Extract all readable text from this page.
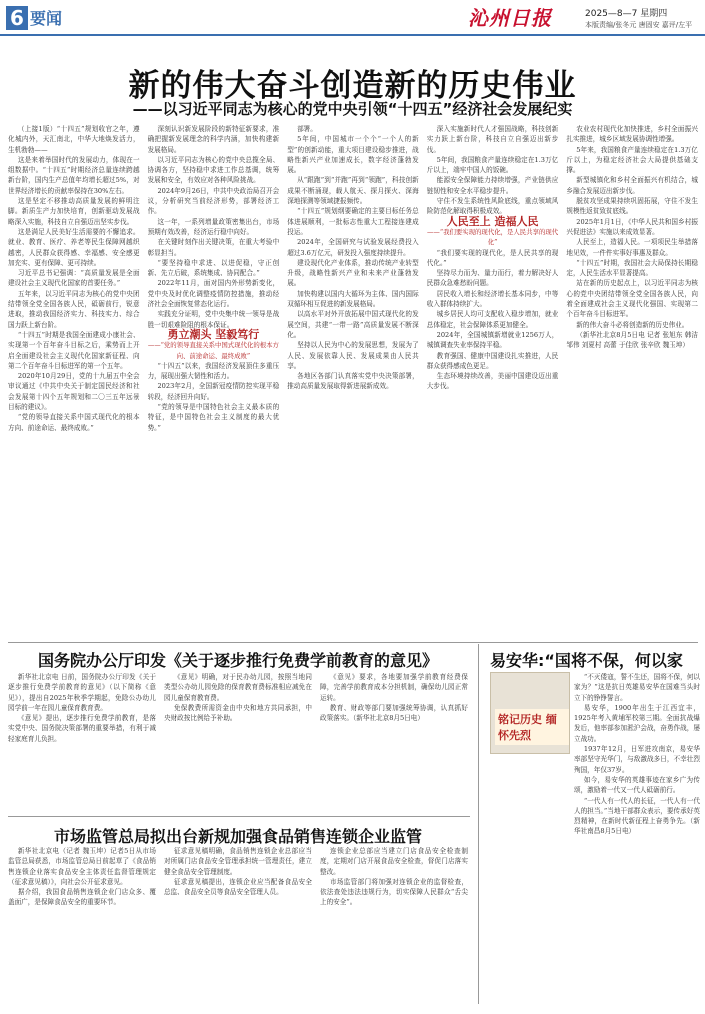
6 要闻	沁州日报	2025—8—7 星期四
本版责编/张冬元 唐固安 嘉评/左平
新的伟大奋斗创造新的历史伟业
——以习近平同志为核心的党中央引领“十四五”经济社会发展纪实

（上接1版）“十四五”规划收官之年，遵化城内外，天汇南北，中华大地焕发活力，生机勃勃——

这是来着举国时代的发展动力，体现在一组数据中。“十四五”时期经济总量连续跨越新台阶，国内生产总值年均增长超过5%，对世界经济增长的贡献率保持在30%左右。

这是坚定不移推动高质量发展的鲜明注脚。新质生产力加快培育，创新驱动发展战略深入实施，科技自立自强迈出坚实步伐。

这是满足人民美好生活需要的不懈追求。就业、教育、医疗、养老等民生保障网越织越密，人民群众获得感、幸福感、安全感更加充实、更有保障、更可持续。

习近平总书记强调：“高质量发展是全面建设社会主义现代化国家的首要任务。”

五年来，以习近平同志为核心的党中央团结带领全党全国各族人民，砥砺前行，锐意进取，推动我国经济实力、科技实力、综合国力跃上新台阶。

“十四五”时期是我国全面建成小康社会、实现第一个百年奋斗目标之后，乘势而上开启全面建设社会主义现代化国家新征程、向第二个百年奋斗目标进军的第一个五年。

2020年10月29日，党的十九届五中全会审议通过《中共中央关于制定国民经济和社会发展第十四个五年规划和二〇三五年远景目标的建议》。

“党的领导直接关系中国式现代化的根本方向、前途命运、最终成败。”

深刻认识新发展阶段的新特征新要求，准确把握新发展理念的科学内涵，加快构建新发展格局。

以习近平同志为核心的党中央总揽全局、协调各方，坚持稳中求进工作总基调，统筹发展和安全，有效应对各种风险挑战。

2024年9月26日，中共中央政治局召开会议，分析研究当前经济形势，部署经济工作。

这一年，一系列增量政策密集出台，市场预期有效改善，经济运行稳中向好。

在关键时刻作出关键决策，在重大考验中彰显担当。

“要坚持稳中求进、以进促稳，守正创新、先立后破，系统集成、协同配合。”

2022年11月，面对国内外形势新变化，党中央及时优化调整疫情防控措施，推动经济社会全面恢复常态化运行。

实践充分证明，党中央集中统一领导是战胜一切艰难险阻的根本保证。

勇立潮头 坚毅笃行

——“党的领导直接关系中国式现代化的根本方向、前途命运、最终成败”

“十四五”以来，我国经济发展顶住多重压力，展现出强大韧性和活力。

2023年2月，全国新冠疫情防控实现平稳转段，经济回升向好。

“党的领导是中国特色社会主义最本质的特征，是中国特色社会主义制度的最大优势。”

部署。

5年间，中国城市一个个“一个人的新型”的创新动能，重大项目建设稳步推进，战略性新兴产业加速成长，数字经济蓬勃发展。

从“跟跑”到“并跑”再到“领跑”，科技创新成果不断涌现，载人航天、探月探火、深海深地探测等领域捷报频传。

“十四五”规划纲要确定的主要目标任务总体进展顺利，一批标志性重大工程接连建成投运。

2024年，全国研究与试验发展经费投入超过3.6万亿元，研发投入强度持续提升。

建设现代化产业体系，推动传统产业转型升级，战略性新兴产业和未来产业蓬勃发展。

加快构建以国内大循环为主体、国内国际双循环相互促进的新发展格局。

以高水平对外开放拓展中国式现代化的发展空间，共建“一带一路”高质量发展不断深化。

坚持以人民为中心的发展思想，发展为了人民、发展依靠人民、发展成果由人民共享。

各地区各部门认真落实党中央决策部署，推动高质量发展取得新进展新成效。

深入实施新时代人才强国战略，科技创新实力跃上新台阶，科技自立自强迈出新步伐。

5年间，我国粮食产量连续稳定在1.3万亿斤以上，端牢中国人的饭碗。

能源安全保障能力持续增强，产业链供应链韧性和安全水平稳步提升。

守住不发生系统性风险底线，重点领域风险防范化解取得积极成效。

人民至上 造福人民

——“我们要实现的现代化，是人民共享的现代化”

“我们要实现的现代化，是人民共享的现代化。”

坚持尽力而为、量力而行，着力解决好人民群众急难愁盼问题。

居民收入增长和经济增长基本同步，中等收入群体持续扩大。

城乡居民人均可支配收入稳步增加，就业总体稳定，社会保障体系更加健全。

2024年，全国城镇新增就业1256万人，城镇调查失业率保持平稳。

教育强国、健康中国建设扎实推进，人民群众获得感成色更足。

生态环境持续改善，美丽中国建设迈出重大步伐。

农业农村现代化加快推进，乡村全面振兴扎实推进，城乡区域发展协调性增强。

5年来，我国粮食产量连续稳定在1.3万亿斤以上，为稳定经济社会大局提供基础支撑。

新型城镇化和乡村全面振兴有机结合，城乡融合发展迈出新步伐。

脱贫攻坚成果持续巩固拓展，守住不发生规模性返贫致贫底线。

2025年1月1日，《中华人民共和国乡村振兴促进法》实施以来成效显著。

人民至上，造福人民。一项项民生举措落地见效，一件件实事好事惠及群众。

“十四五”时期，我国社会大局保持长期稳定，人民生活水平显著提高。

站在新的历史起点上，以习近平同志为核心的党中央团结带领全党全国各族人民，向着全面建成社会主义现代化强国、实现第二个百年奋斗目标进军。

新的伟大奋斗必将创造新的历史伟业。

（新华社北京8月5日电 记者 张旭东 韩洁 邹伟 刘夏村 高蕾 于佳欣 张辛欣 魏玉坤）

国务院办公厅印发《关于逐步推行免费学前教育的意见》

新华社北京电 日前，国务院办公厅印发《关于逐步推行免费学前教育的意见》（以下简称《意见》），提出自2025年秋季学期起，免除公办幼儿园学前一年在园儿童保育教育费。

《意见》提出，逐步推行免费学前教育，是落实党中央、国务院决策部署的重要举措，有利于减轻家庭育儿负担。

《意见》明确，对于民办幼儿园，按照当地同类型公办幼儿园免除的保育教育费标准相应减免在园儿童保育教育费。

免保教费所需资金由中央和地方共同承担，中央财政按比例给予补助。

《意见》要求，各地要加强学前教育经费保障，完善学前教育成本分担机制，确保幼儿园正常运转。

教育、财政等部门要加强统筹协调，认真抓好政策落实。（新华社北京8月5日电）

市场监管总局拟出台新规加强食品销售连锁企业监管

新华社北京电（记者 魏玉坤）记者5日从市场监管总局获悉，市场监管总局日前起草了《食品销售连锁企业落实食品安全主体责任监督管理规定（征求意见稿）》，向社会公开征求意见。

据介绍，我国食品销售连锁企业门店众多、覆盖面广，是保障食品安全的重要环节。

征求意见稿明确，食品销售连锁企业总部应当对所属门店食品安全管理承担统一管理责任，建立健全食品安全管理制度。

征求意见稿提出，连锁企业应当配备食品安全总监、食品安全员等食品安全管理人员。

连锁企业总部应当建立门店食品安全检查制度，定期对门店开展食品安全检查，督促门店落实整改。

市场监管部门将加强对连锁企业的监督检查，依法查处违法违规行为，切实保障人民群众“舌尖上的安全”。

易安华:“国将不保，何以家
铭记历史 缅怀先烈

“不灭倭寇，誓不生还，国将不保，何以家为？”这是抗日英雄易安华在国难当头时立下的铮铮誓言。

易安华，1900年出生于江西宜丰，1925年考入黄埔军校第三期。全面抗战爆发后，他率部参加淞沪会战，奋勇作战，屡立战功。

1937年12月，日军进攻南京，易安华率部坚守光华门，与敌激战多日，不幸壮烈殉国，年仅37岁。

如今，易安华的英雄事迹在家乡广为传颂，激励着一代又一代人砥砺前行。

“一代人有一代人的长征，一代人有一代人的担当。”当地干部群众表示，要传承好英烈精神，在新时代新征程上奋勇争先。（新华社南昌8月5日电）
